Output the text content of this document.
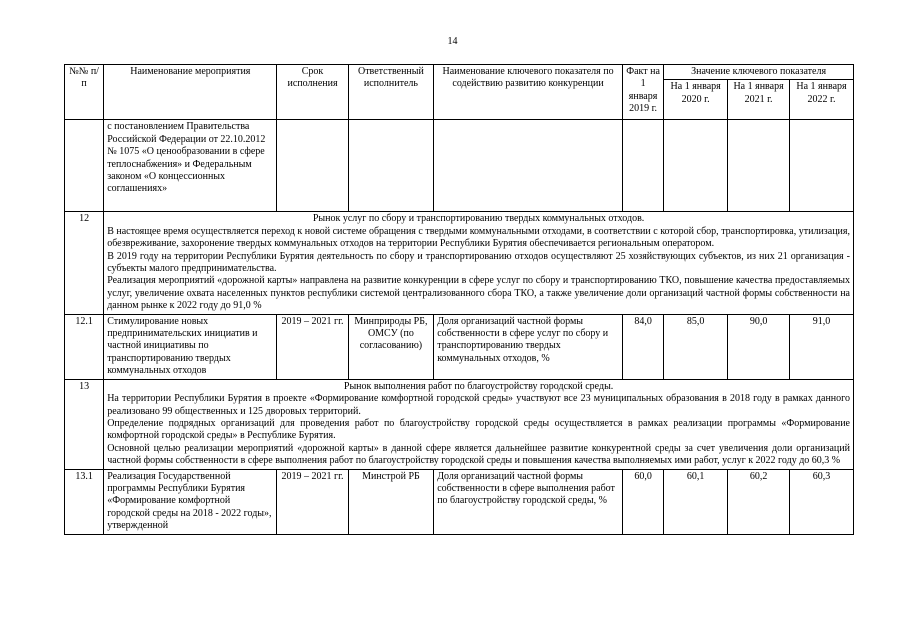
14
№№ п/п	Наименование мероприятия	Срок исполнения	Ответственный исполнитель	Наименование ключевого показателя по содействию развитию конкуренции	Факт на 1 января 2019 г.	Значение ключевого показателя		
						На 1 января 2020 г.	На 1 января 2021 г.	На 1 января 2022 г.
	с постановлением Правительства Российской Федерации от 22.10.2012 № 1075 «О ценообразовании в сфере теплоснабжения» и Федеральным законом «О концессионных соглашениях»							
12	Рынок услуг по сбору и транспортированию твердых коммунальных отходов.

В настоящее время осуществляется переход к новой системе обращения с твердыми коммунальными отходами, в соответствии с которой сбор, транспортировка, утилизация, обезвреживание, захоронение твердых коммунальных отходов на территории Республики Бурятия обеспечивается региональным оператором.

В 2019 году на территории Республики Бурятия деятельность по сбору и транспортированию отходов осуществляют 25 хозяйствующих субъектов, из них 21 организация - субъекты малого предпринимательства.

Реализация мероприятий «дорожной карты» направлена на развитие конкуренции в сфере услуг по сбору и транспортированию ТКО, повышение качества предоставляемых услуг, увеличение охвата населенных пунктов республики системой централизованного сбора ТКО, а также увеличение доли организаций частной формы собственности на данном рынке к 2022 году до 91,0 %							

12.1	Стимулирование новых предпринимательских инициатив и частной инициативы по транспортированию твердых коммунальных отходов	2019 – 2021 гг.	Минприроды РБ, ОМСУ (по согласованию)	Доля организаций частной формы собственности в сфере услуг по сбору и транспортированию твердых коммунальных отходов, %	84,0	85,0	90,0	91,0
13	Рынок выполнения работ по благоустройству городской среды.

На территории Республики Бурятия в проекте «Формирование комфортной городской среды» участвуют все 23 муниципальных образования в 2018 году в рамках данного реализовано 99 общественных и 125 дворовых территорий.

Определение подрядных организаций для проведения работ по благоустройству городской среды осуществляется в рамках реализации программы «Формирование комфортной городской среды» в Республике Бурятия.

Основной целью реализации мероприятий «дорожной карты» в данной сфере является дальнейшее развитие конкурентной среды за счет увеличения доли организаций частной формы собственности в сфере выполнения работ по благоустройству городской среды и повышения качества выполняемых ими работ, услуг к 2022 году до 60,3 %							

13.1	Реализация Государственной программы Республики Бурятия «Формирование комфортной городской среды на 2018 - 2022 годы», утвержденной	2019 – 2021 гг.	Минстрой РБ	Доля организаций частной формы собственности в сфере выполнения работ по благоустройству городской среды, %	60,0	60,1	60,2	60,3
